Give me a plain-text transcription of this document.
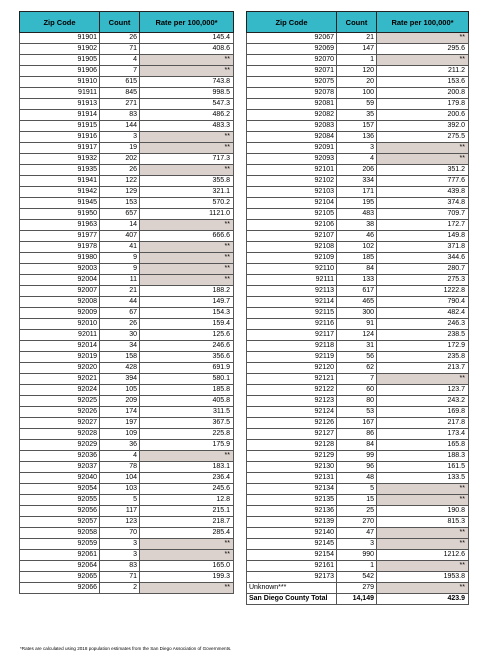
Zip Code	Count	Rate per 100,000*
91901	26	145.4
91902	71	408.6
91905	4	**
91906	7	**
91910	615	743.8
91911	845	998.5
91913	271	547.3
91914	83	486.2
91915	144	483.3
91916	3	**
91917	19	**
91932	202	717.3
91935	26	**
91941	122	355.8
91942	129	321.1
91945	153	570.2
91950	657	1121.0
91963	14	**
91977	407	666.6
91978	41	**
91980	9	**
92003	9	**
92004	11	**
92007	21	188.2
92008	44	149.7
92009	67	154.3
92010	26	159.4
92011	30	125.6
92014	34	246.6
92019	158	356.6
92020	428	691.9
92021	394	580.1
92024	105	185.8
92025	209	405.8
92026	174	311.5
92027	197	367.5
92028	109	225.8
92029	36	175.9
92036	4	**
92037	78	183.1
92040	104	236.4
92054	103	245.6
92055	5	12.8
92056	117	215.1
92057	123	218.7
92058	70	285.4
92059	3	**
92061	3	**
92064	83	165.0
92065	71	199.3
92066	2	**
Zip Code	Count	Rate per 100,000*
92067	21	**
92069	147	295.6
92070	1	**
92071	120	211.2
92075	20	153.6
92078	100	200.8
92081	59	179.8
92082	35	200.6
92083	157	392.0
92084	136	275.5
92091	3	**
92093	4	**
92101	206	351.2
92102	334	777.6
92103	171	439.8
92104	195	374.8
92105	483	709.7
92106	38	172.7
92107	46	149.8
92108	102	371.8
92109	185	344.6
92110	84	280.7
92111	133	275.3
92113	617	1222.8
92114	465	790.4
92115	300	482.4
92116	91	246.3
92117	124	238.5
92118	31	172.9
92119	56	235.8
92120	62	213.7
92121	7	**
92122	60	123.7
92123	80	243.2
92124	53	169.8
92126	167	217.8
92127	86	173.4
92128	84	165.8
92129	99	188.3
92130	96	161.5
92131	48	133.5
92134	5	**
92135	15	**
92136	25	190.8
92139	270	815.3
92140	47	**
92145	3	**
92154	990	1212.6
92161	1	**
92173	542	1953.8
Unknown***	279	**
San Diego County Total	14,149	423.9
*Rates are calculated using 2018 population estimates from the San Diego Association of Governments.
